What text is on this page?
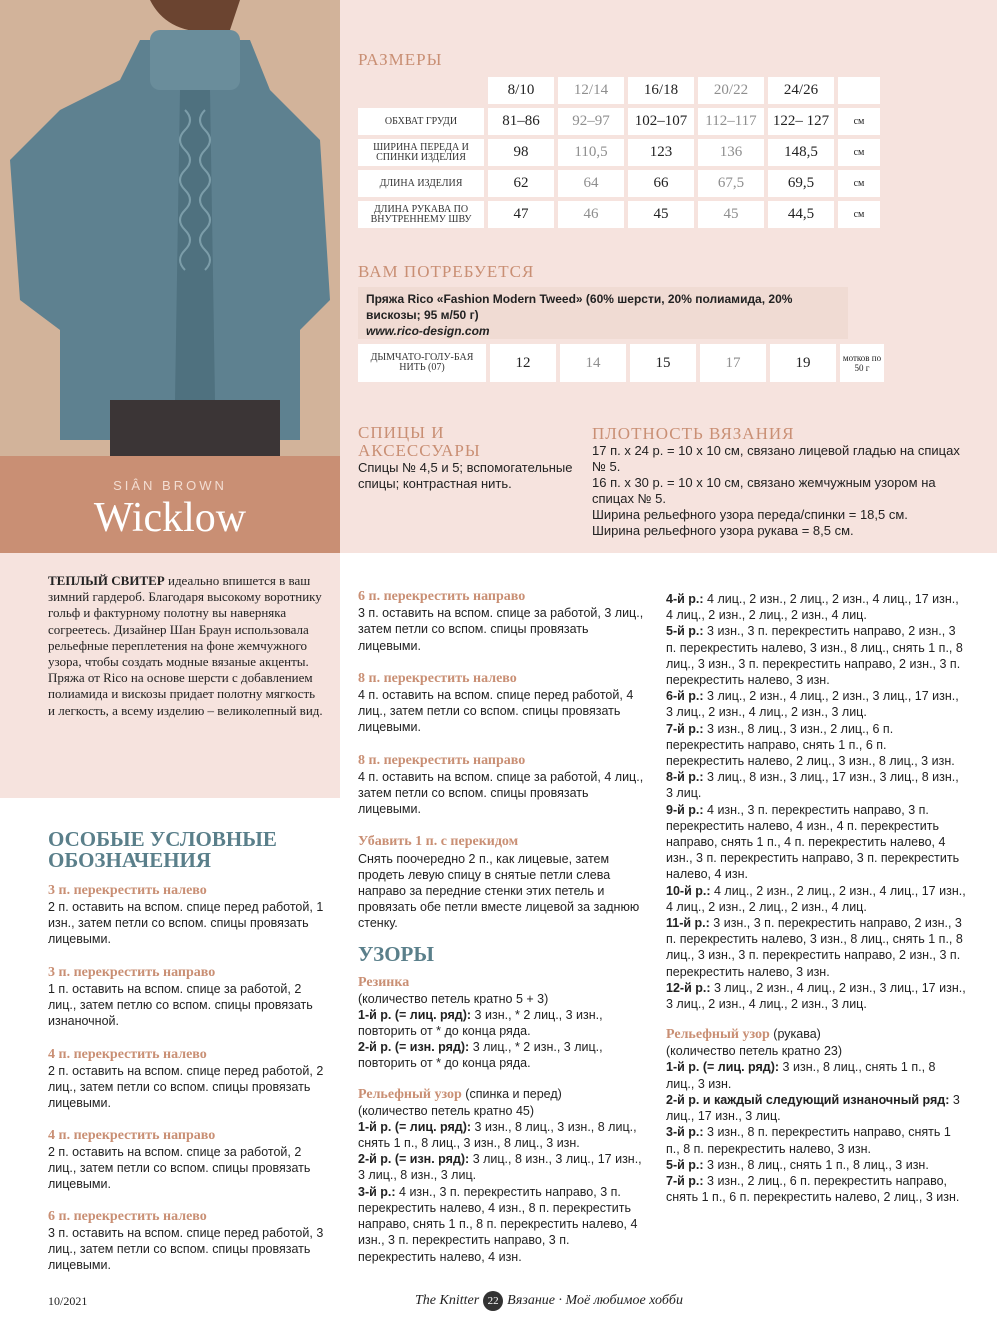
SIÂN BROWN
Wicklow
РАЗМЕРЫ
	8/10	12/14	16/18	20/22	24/26	
ОБХВАТ ГРУДИ	81–86	92–97	102–107	112–117	122– 127	см
ШИРИНА ПЕРЕДА И СПИНКИ ИЗДЕЛИЯ	98	110,5	123	136	148,5	см
ДЛИНА ИЗДЕЛИЯ	62	64	66	67,5	69,5	см
ДЛИНА РУКАВА ПО ВНУТРЕННЕМУ ШВУ	47	46	45	45	44,5	см
ВАМ ПОТРЕБУЕТСЯ
Пряжа Rico «Fashion Modern Tweed» (60% шерсти, 20% полиамида, 20% вискозы; 95 м/50 г)
www.rico-design.com
ДЫМЧАТО-ГОЛУ-БАЯ НИТЬ (07)	12	14	15	17	19	мотков по 50 г
СПИЦЫ И АКСЕССУАРЫ
Спицы № 4,5 и 5; вспомогательные спицы; контрастная нить.
ПЛОТНОСТЬ ВЯЗАНИЯ
17 п. x 24 р. = 10 x 10 см, связано лицевой гладью на спицах № 5.
16 п. x 30 р. = 10 x 10 см, связано жемчужным узором на спицах № 5.
Ширина рельефного узора переда/спинки = 18,5 см.
Ширина рельефного узора рукава = 8,5 см.
ТЕПЛЫЙ СВИТЕР идеально впишется в ваш зимний гардероб. Благодаря высокому воротнику гольф и фактурному полотну вы наверняка согреетесь. Дизайнер Шан Браун использовала рельефные переплетения на фоне жемчужного узора, чтобы создать модные вязаные акценты. Пряжа от Rico на основе шерсти с добавлением полиамида и вискозы придает полотну мягкость и легкость, а всему изделию – великолепный вид.
ОСОБЫЕ УСЛОВНЫЕ ОБОЗНАЧЕНИЯ
3 п. перекрестить налево
2 п. оставить на вспом. спице перед работой, 1 изн., затем петли со вспом. спицы провязать лицевыми.
3 п. перекрестить направо
1 п. оставить на вспом. спице за работой, 2 лиц., затем петлю со вспом. спицы провязать изнаночной.
4 п. перекрестить налево
2 п. оставить на вспом. спице перед работой, 2 лиц., затем петли со вспом. спицы провязать лицевыми.
4 п. перекрестить направо
2 п. оставить на вспом. спице за работой, 2 лиц., затем петли со вспом. спицы провязать лицевыми.
6 п. перекрестить налево
3 п. оставить на вспом. спице перед работой, 3 лиц., затем петли со вспом. спицы провязать лицевыми.
6 п. перекрестить направо
3 п. оставить на вспом. спице за работой, 3 лиц., затем петли со вспом. спицы провязать лицевыми.
8 п. перекрестить налево
4 п. оставить на вспом. спице перед работой, 4 лиц., затем петли со вспом. спицы провязать лицевыми.
8 п. перекрестить направо
4 п. оставить на вспом. спице за работой, 4 лиц., затем петли со вспом. спицы провязать лицевыми.
Убавить 1 п. с перекидом
Снять поочередно 2 п., как лицевые, затем продеть левую спицу в снятые петли слева направо за передние стенки этих петель и провязать обе петли вместе лицевой за заднюю стенку.
УЗОРЫ
Резинка
(количество петель кратно 5 + 3)
1-й р. (= лиц. ряд): 3 изн., * 2 лиц., 3 изн., повторить от * до конца ряда.
2-й р. (= изн. ряд): 3 лиц., * 2 изн., 3 лиц., повторить от * до конца ряда.
Рельефный узор (спинка и перед)
(количество петель кратно 45)
1-й р. (= лиц. ряд): 3 изн., 8 лиц., 3 изн., 8 лиц., снять 1 п., 8 лиц., 3 изн., 8 лиц., 3 изн.
2-й р. (= изн. ряд): 3 лиц., 8 изн., 3 лиц., 17 изн., 3 лиц., 8 изн., 3 лиц.
3-й р.: 4 изн., 3 п. перекрестить направо, 3 п. перекрестить налево, 4 изн., 8 п. перекрестить направо, снять 1 п., 8 п. перекрестить налево, 4 изн., 3 п. перекрестить направо, 3 п. перекрестить налево, 4 изн.
4-й р.: 4 лиц., 2 изн., 2 лиц., 2 изн., 4 лиц., 17 изн., 4 лиц., 2 изн., 2 лиц., 2 изн., 4 лиц.
5-й р.: 3 изн., 3 п. перекрестить направо, 2 изн., 3 п. перекрестить налево, 3 изн., 8 лиц., снять 1 п., 8 лиц., 3 изн., 3 п. перекрестить направо, 2 изн., 3 п. перекрестить налево, 3 изн.
6-й р.: 3 лиц., 2 изн., 4 лиц., 2 изн., 3 лиц., 17 изн., 3 лиц., 2 изн., 4 лиц., 2 изн., 3 лиц.
7-й р.: 3 изн., 8 лиц., 3 изн., 2 лиц., 6 п. перекрестить направо, снять 1 п., 6 п. перекрестить налево, 2 лиц., 3 изн., 8 лиц., 3 изн.
8-й р.: 3 лиц., 8 изн., 3 лиц., 17 изн., 3 лиц., 8 изн., 3 лиц.
9-й р.: 4 изн., 3 п. перекрестить направо, 3 п. перекрестить налево, 4 изн., 4 п. перекрестить направо, снять 1 п., 4 п. перекрестить налево, 4 изн., 3 п. перекрестить направо, 3 п. перекрестить налево, 4 изн.
10-й р.: 4 лиц., 2 изн., 2 лиц., 2 изн., 4 лиц., 17 изн., 4 лиц., 2 изн., 2 лиц., 2 изн., 4 лиц.
11-й р.: 3 изн., 3 п. перекрестить направо, 2 изн., 3 п. перекрестить налево, 3 изн., 8 лиц., снять 1 п., 8 лиц., 3 изн., 3 п. перекрестить направо, 2 изн., 3 п. перекрестить налево, 3 изн.
12-й р.: 3 лиц., 2 изн., 4 лиц., 2 изн., 3 лиц., 17 изн., 3 лиц., 2 изн., 4 лиц., 2 изн., 3 лиц.
Рельефный узор (рукава)
(количество петель кратно 23)
1-й р. (= лиц. ряд): 3 изн., 8 лиц., снять 1 п., 8 лиц., 3 изн.
2-й р. и каждый следующий изнаночный ряд: 3 лиц., 17 изн., 3 лиц.
3-й р.: 3 изн., 8 п. перекрестить направо, снять 1 п., 8 п. перекрестить налево, 3 изн.
5-й р.: 3 изн., 8 лиц., снять 1 п., 8 лиц., 3 изн.
7-й р.: 3 изн., 2 лиц., 6 п. перекрестить направо, снять 1 п., 6 п. перекрестить налево, 2 лиц., 3 изн.
10/2021	The Knitter 22 Вязание · Моё любимое хобби
